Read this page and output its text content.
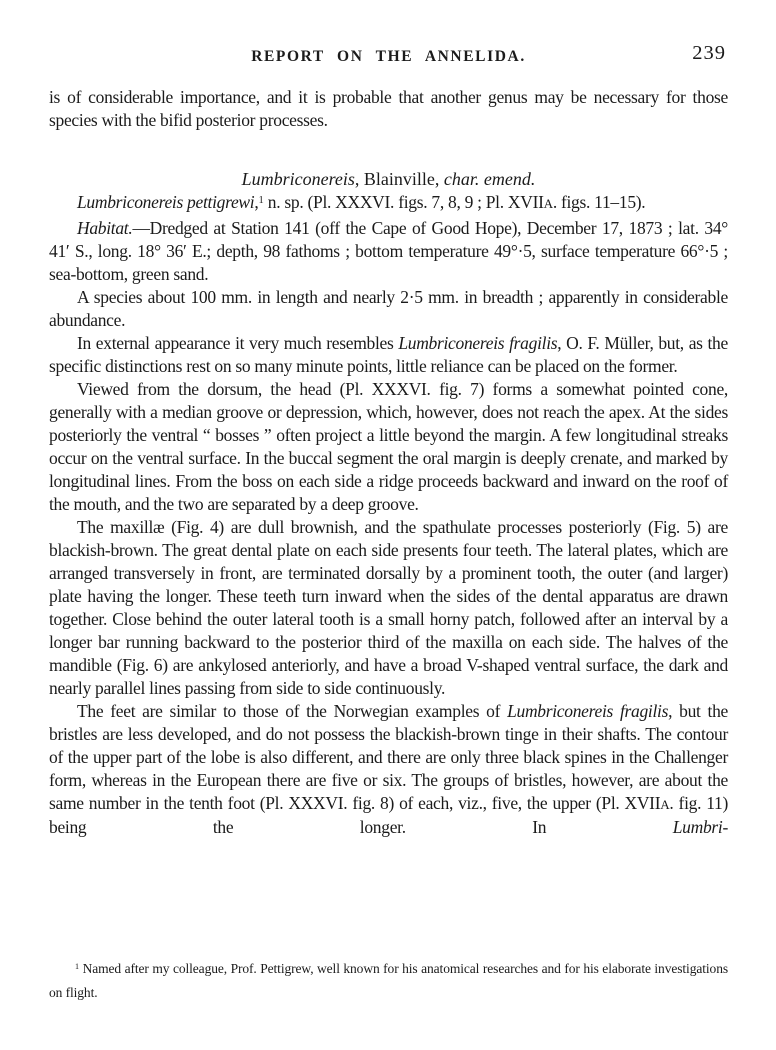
REPORT ON THE ANNELIDA.	239

is of considerable importance, and it is probable that another genus may be necessary for those species with the bifid posterior processes.

Lumbriconereis, Blainville, char. emend.

Lumbriconereis pettigrewi,$^1$ n. sp. (Pl. XXXVI. figs. 7, 8, 9 ; Pl. XVIIA. figs. 11–15).

Habitat.—Dredged at Station 141 (off the Cape of Good Hope), December 17, 1873 ; lat. 34° 41′ S., long. 18° 36′ E.; depth, 98 fathoms ; bottom temperature 49°·5, surface temperature 66°·5 ; sea-bottom, green sand.

A species about 100 mm. in length and nearly 2·5 mm. in breadth ; apparently in considerable abundance.

In external appearance it very much resembles Lumbriconereis fragilis, O. F. Müller, but, as the specific distinctions rest on so many minute points, little reliance can be placed on the former.

Viewed from the dorsum, the head (Pl. XXXVI. fig. 7) forms a somewhat pointed cone, generally with a median groove or depression, which, however, does not reach the apex. At the sides posteriorly the ventral “ bosses ” often project a little beyond the margin. A few longitudinal streaks occur on the ventral surface. In the buccal segment the oral margin is deeply crenate, and marked by longitudinal lines. From the boss on each side a ridge proceeds backward and inward on the roof of the mouth, and the two are separated by a deep groove.

The maxillæ (Fig. 4) are dull brownish, and the spathulate processes posteriorly (Fig. 5) are blackish-brown. The great dental plate on each side presents four teeth. The lateral plates, which are arranged transversely in front, are terminated dorsally by a prominent tooth, the outer (and larger) plate having the longer. These teeth turn inward when the sides of the dental apparatus are drawn together. Close behind the outer lateral tooth is a small horny patch, followed after an interval by a longer bar running backward to the posterior third of the maxilla on each side. The halves of the mandible (Fig. 6) are ankylosed anteriorly, and have a broad V-shaped ventral surface, the dark and nearly parallel lines passing from side to side continuously.

The feet are similar to those of the Norwegian examples of Lumbriconereis fragilis, but the bristles are less developed, and do not possess the blackish-brown tinge in their shafts. The contour of the upper part of the lobe is also different, and there are only three black spines in the Challenger form, whereas in the European there are five or six. The groups of bristles, however, are about the same number in the tenth foot (Pl. XXXVI. fig. 8) of each, viz., five, the upper (Pl. XVIIA. fig. 11) being the longer. In Lumbri-

$^1$ Named after my colleague, Prof. Pettigrew, well known for his anatomical researches and for his elaborate investigations on flight.
